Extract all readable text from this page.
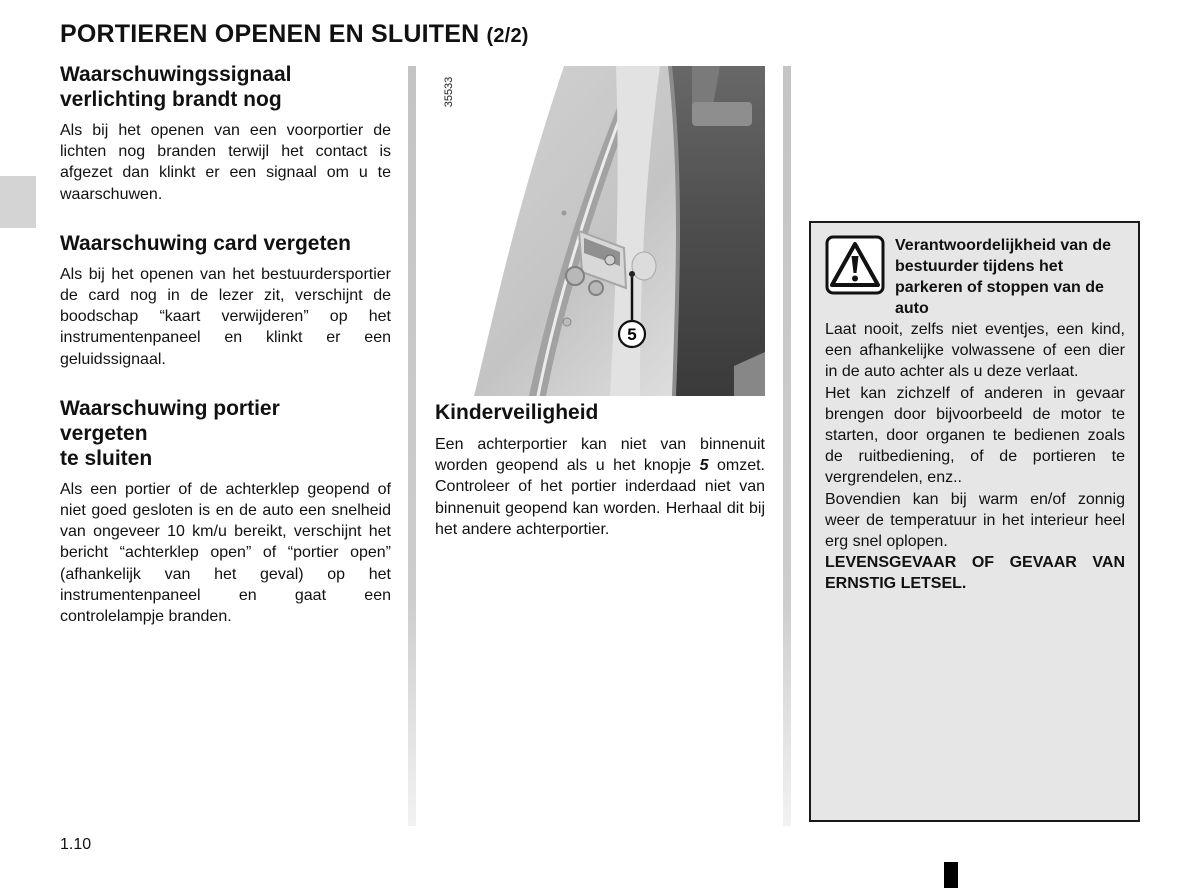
PORTIEREN OPENEN EN SLUITEN (2/2)
Waarschuwingssignaal verlichting brandt nog

Als bij het openen van een voorportier de lichten nog branden terwijl het contact is afgezet dan klinkt er een signaal om u te waarschuwen.

Waarschuwing card vergeten

Als bij het openen van het bestuurdersportier de card nog in de lezer zit, verschijnt de boodschap “kaart verwijderen” op het instrumentenpaneel en klinkt er een geluidssignaal.

Waarschuwing portier
vergeten
te sluiten

Als een portier of de achterklep geopend of niet goed gesloten is en de auto een snelheid van ongeveer 10 km/u bereikt, verschijnt het bericht “achterklep open” of “portier open” (afhankelijk van het geval) op het instrumentenpaneel en gaat een controlelampje branden.

35533
5
Kinderveiligheid

Een achterportier kan niet van binnenuit worden geopend als u het knopje 5 omzet. Controleer of het portier inderdaad niet van binnenuit geopend kan worden. Herhaal dit bij het andere achterportier.

Verantwoordelijkheid van de bestuurder tijdens het parkeren of stoppen van de auto
Laat nooit, zelfs niet eventjes, een kind, een afhankelijke volwassene of een dier in de auto achter als u deze verlaat.
Het kan zichzelf of anderen in gevaar brengen door bijvoorbeeld de motor te starten, door organen te bedienen zoals de ruitbediening, of de portieren te vergrendelen, enz..
Bovendien kan bij warm en/of zonnig weer de temperatuur in het interieur heel erg snel oplopen.
LEVENSGEVAAR OF GEVAAR VAN ERNSTIG LETSEL.
1.10
